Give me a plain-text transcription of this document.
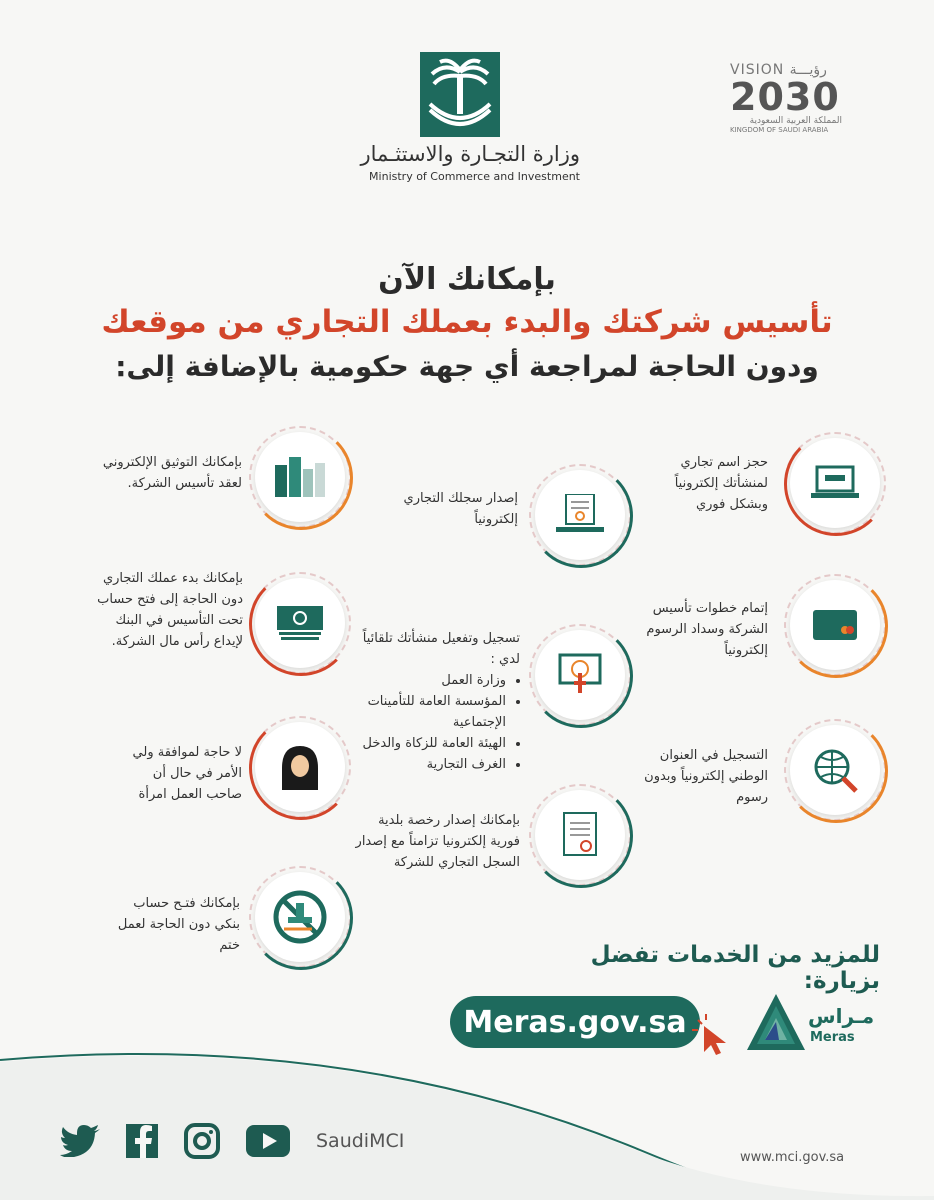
وزارة التجـارة والاستثـمار
Ministry of Commerce and Investment
VISION رؤيـــة
2030
المملكة العربية السعودية
KINGDOM OF SAUDI ARABIA
بإمكانك الآن
تأسيس شركتك والبدء بعملك التجاري من موقعك
ودون الحاجة لمراجعة أي جهة حكومية بالإضافة إلى:
حجز اسم تجاري لمنشأتك إلكترونياً وبشكل فوري
إتمام خطوات تأسيس الشركة وسداد الرسوم إلكترونياً
التسجيل في العنوان الوطني إلكترونياً وبدون رسوم
إصدار سجلك التجاري إلكترونياً
تسجيل وتفعيل منشأتك تلقائياً لدي :
• وزارة العمل
• المؤسسة العامة للتأمينات الإجتماعية
• الهيئة العامة للزكاة والدخل
• الغرف التجارية
بإمكانك إصدار رخصة بلدية فورية إلكترونيا تزامناً مع إصدار السجل التجاري للشركة
بإمكانك التوثيق الإلكتروني لعقد تأسيس الشركة.
بإمكانك بدء عملك التجاري دون الحاجة إلى فتح حساب تحت التأسيس في البنك لإيداع رأس مال الشركة.
لا حاجة لموافقة ولي الأمر في حال أن صاحب العمل امرأة
بإمكانك فتـح حساب بنكي دون الحاجة لعمل ختم	للمزيد من الخدمات تفضل بزيارة:
Meras.gov.sa	مـراس
Meras
SaudiMCI
www.mci.gov.sa
